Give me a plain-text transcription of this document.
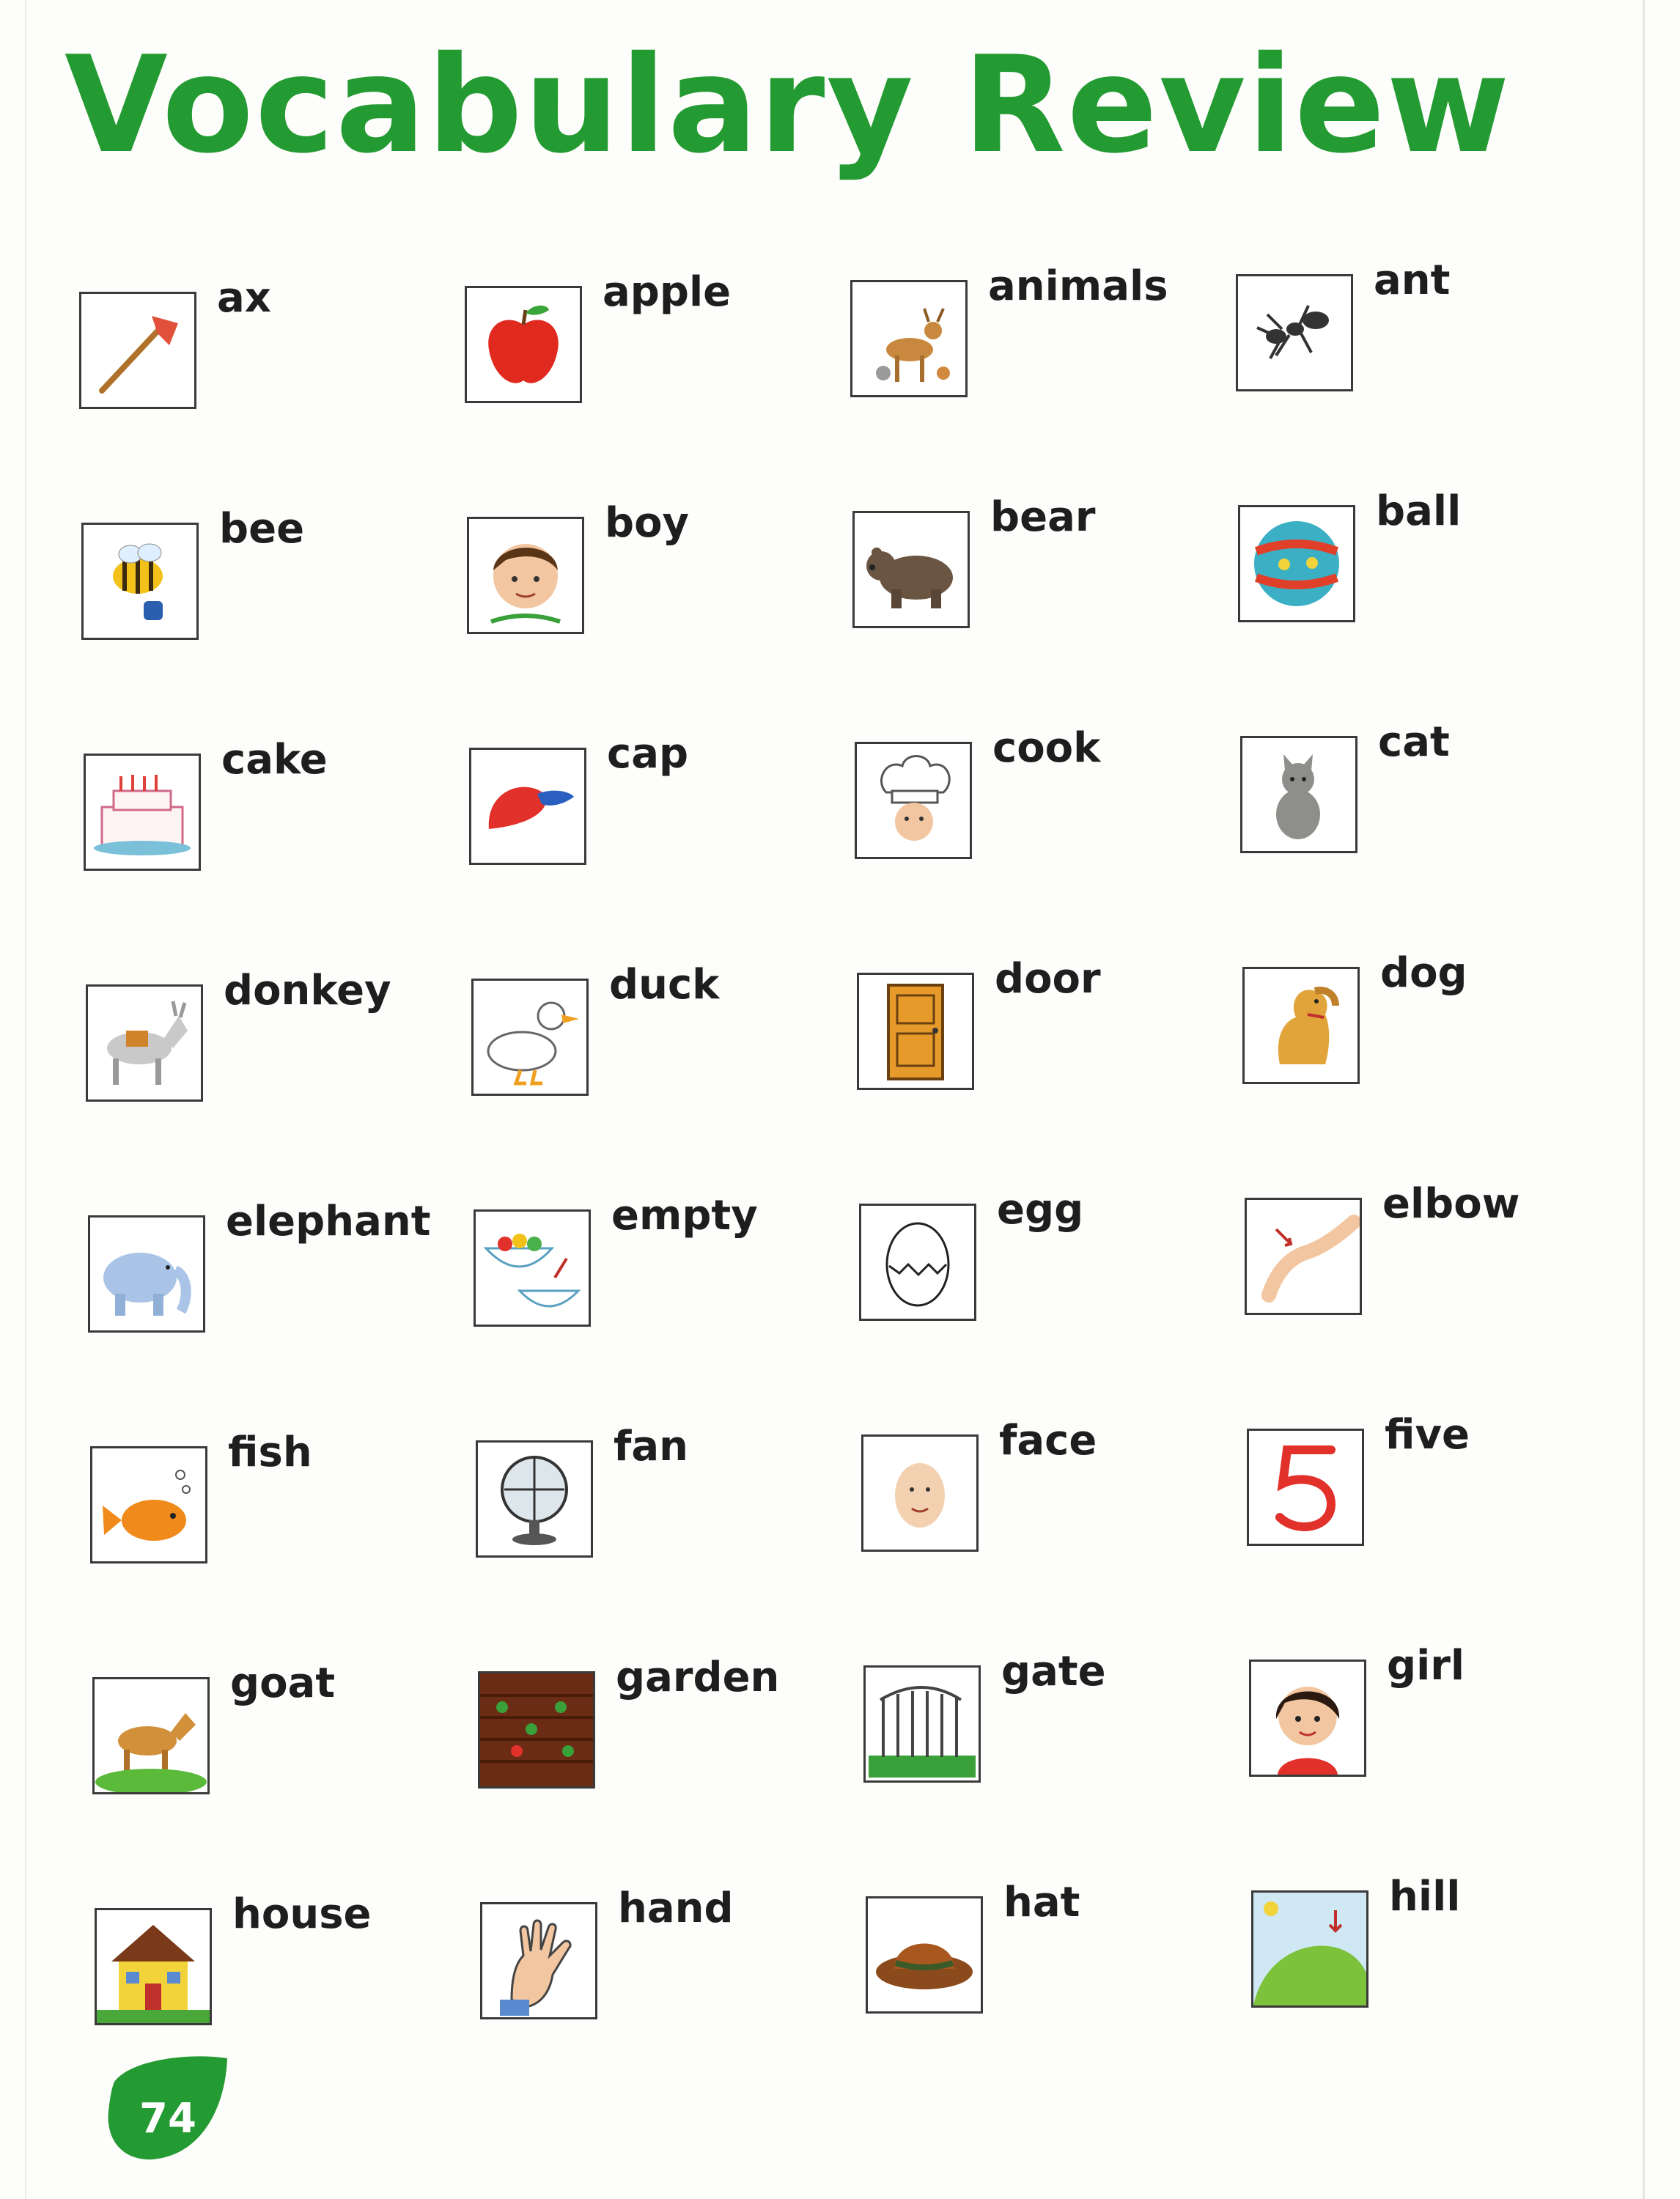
Vocabulary Review
ax	apple	animals	ant
bee	boy	bear	ball
cake	cap	cook	cat
donkey	duck	door	dog
elephant	empty	egg	elbow
fish	fan	face	five
goat	garden	gate	girl
house	hand	hat	hill
74
